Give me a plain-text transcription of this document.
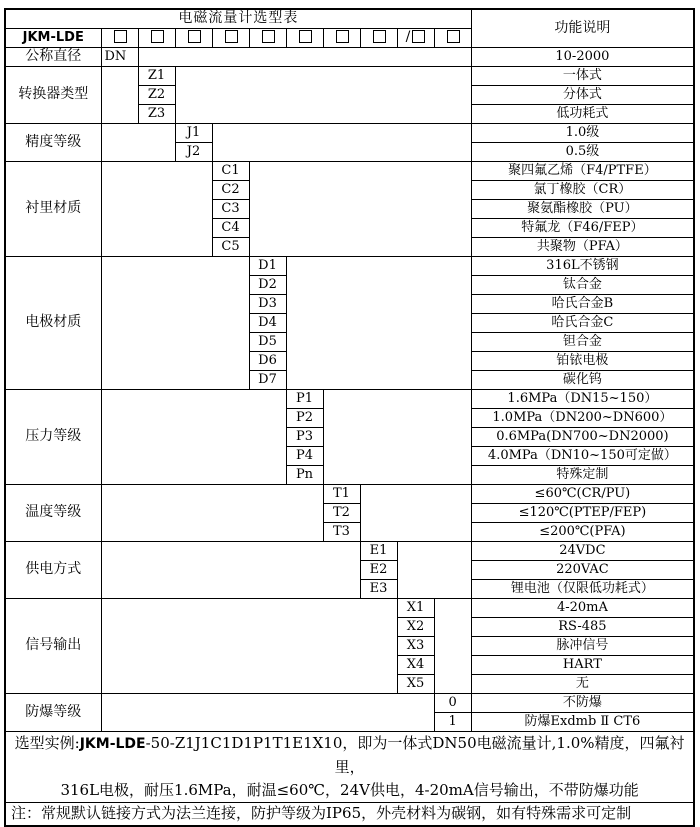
电磁流量计选型表											功能说明
JKM-LDE									/		
公称直径	DN										10-2000
转换器类型		Z1									一体式
		Z2									分体式
		Z3									低功耗式
精度等级			J1								1.0级
			J2								0.5级
衬里材质				C1							聚四氟乙烯（F4/PTFE）
				C2							氯丁橡胶（CR）
				C3							聚氨酯橡胶（PU）
				C4							特氟龙（F46/FEP）
				C5							共聚物（PFA）
电极材质					D1						316L不锈钢
					D2						钛合金
					D3						哈氏合金B
					D4						哈氏合金C
					D5						钽合金
					D6						铂铱电极
					D7						碳化钨
压力等级						P1					1.6MPa（DN15~150）
						P2					1.0MPa（DN200~DN600）
						P3					0.6MPa(DN700~DN2000)
						P4					4.0MPa（DN10~150可定做）
						Pn					特殊定制
温度等级							T1				≤60℃(CR/PU)
							T2				≤120℃(PTEP/FEP)
							T3				≤200℃(PFA)
供电方式								E1			24VDC
								E2			220VAC
								E3			锂电池（仅限低功耗式）
信号输出									X1		4-20mA
									X2		RS-485
									X3		脉冲信号
									X4		HART
									X5		无
防爆等级										0	不防爆
										1	防爆Exdmb Ⅱ CT6

选型实例:JKM-LDE-50-Z1J1C1D1P1T1E1X10，即为一体式DN50电磁流量计,1.0%精度，四氟衬里，
316L电极，耐压1.6MPa，耐温≤60℃，24V供电，4-20mA信号输出，不带防爆功能											

注：常规默认链接方式为法兰连接，防护等级为IP65，外壳材料为碳钢，如有特殊需求可定制											
